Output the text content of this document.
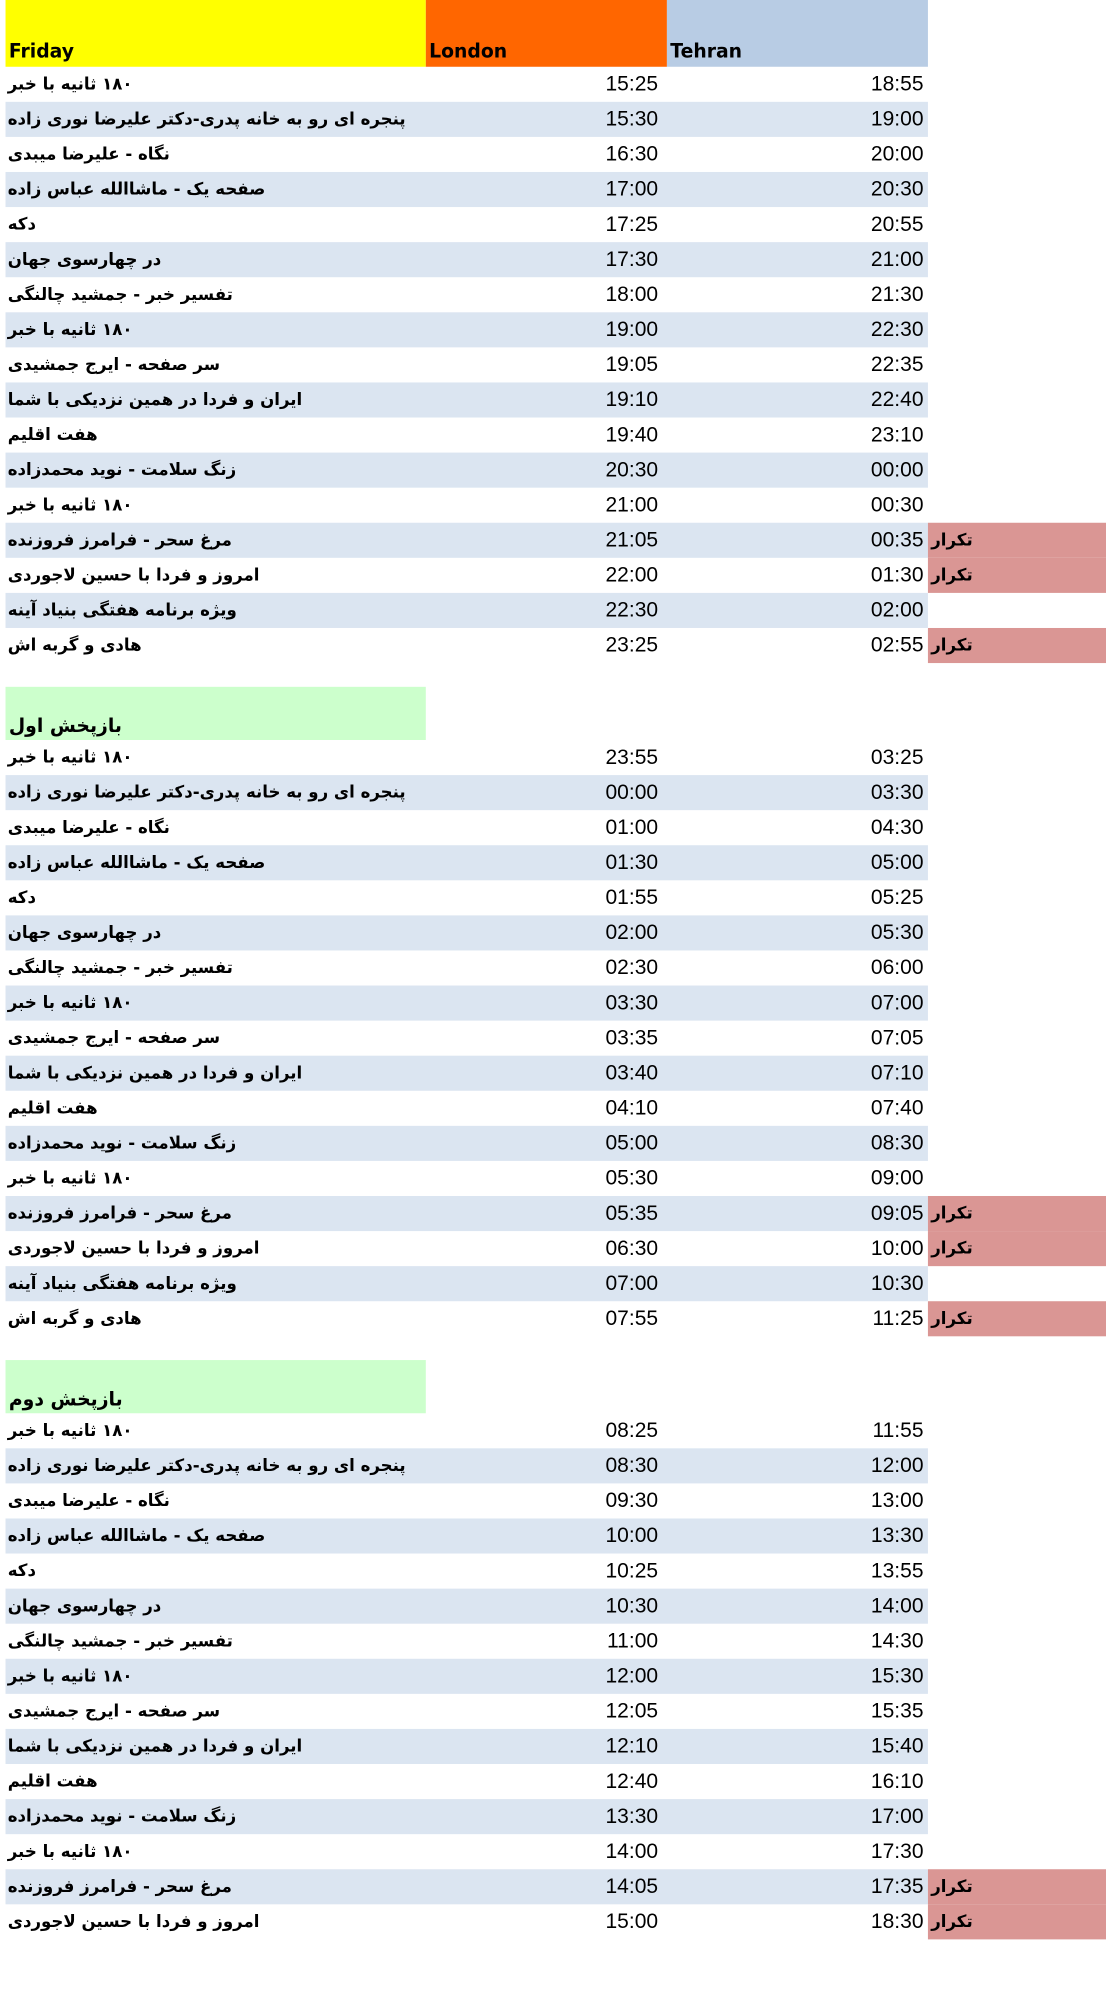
Friday	London	Tehran
۱۸۰ ثانیه با خبر	15:25	18:55
پنجره ای رو به خانه پدری-دکتر علیرضا نوری زاده	15:30	19:00
نگاه - علیرضا میبدی	16:30	20:00
صفحه یک - ماشاالله عباس زاده	17:00	20:30
دکه	17:25	20:55
در چهارسوی جهان	17:30	21:00
تفسیر خبر - جمشید چالنگی	18:00	21:30
۱۸۰ ثانیه با خبر	19:00	22:30
سر صفحه - ایرج جمشیدی	19:05	22:35
ایران و فردا در همین نزدیکی با شما	19:10	22:40
هفت اقلیم	19:40	23:10
زنگ سلامت - نوید محمدزاده	20:30	00:00
۱۸۰ ثانیه با خبر	21:00	00:30
مرغ سحر - فرامرز فروزنده	21:05	00:35 تکرار
امروز و فردا با حسین لاجوردی	22:00	01:30 تکرار
ویژه برنامه هفتگی بنیاد آینه	22:30	02:00
هادی و گربه اش	23:25	02:55 تکرار
بازپخش اول
۱۸۰ ثانیه با خبر	23:55	03:25
پنجره ای رو به خانه پدری-دکتر علیرضا نوری زاده	00:00	03:30
نگاه - علیرضا میبدی	01:00	04:30
صفحه یک - ماشاالله عباس زاده	01:30	05:00
دکه	01:55	05:25
در چهارسوی جهان	02:00	05:30
تفسیر خبر - جمشید چالنگی	02:30	06:00
۱۸۰ ثانیه با خبر	03:30	07:00
سر صفحه - ایرج جمشیدی	03:35	07:05
ایران و فردا در همین نزدیکی با شما	03:40	07:10
هفت اقلیم	04:10	07:40
زنگ سلامت - نوید محمدزاده	05:00	08:30
۱۸۰ ثانیه با خبر	05:30	09:00
مرغ سحر - فرامرز فروزنده	05:35	09:05 تکرار
امروز و فردا با حسین لاجوردی	06:30	10:00 تکرار
ویژه برنامه هفتگی بنیاد آینه	07:00	10:30
هادی و گربه اش	07:55	11:25 تکرار
بازپخش دوم
۱۸۰ ثانیه با خبر	08:25	11:55
پنجره ای رو به خانه پدری-دکتر علیرضا نوری زاده	08:30	12:00
نگاه - علیرضا میبدی	09:30	13:00
صفحه یک - ماشاالله عباس زاده	10:00	13:30
دکه	10:25	13:55
در چهارسوی جهان	10:30	14:00
تفسیر خبر - جمشید چالنگی	11:00	14:30
۱۸۰ ثانیه با خبر	12:00	15:30
سر صفحه - ایرج جمشیدی	12:05	15:35
ایران و فردا در همین نزدیکی با شما	12:10	15:40
هفت اقلیم	12:40	16:10
زنگ سلامت - نوید محمدزاده	13:30	17:00
۱۸۰ ثانیه با خبر	14:00	17:30
مرغ سحر - فرامرز فروزنده	14:05	17:35 تکرار
امروز و فردا با حسین لاجوردی	15:00	18:30 تکرار
